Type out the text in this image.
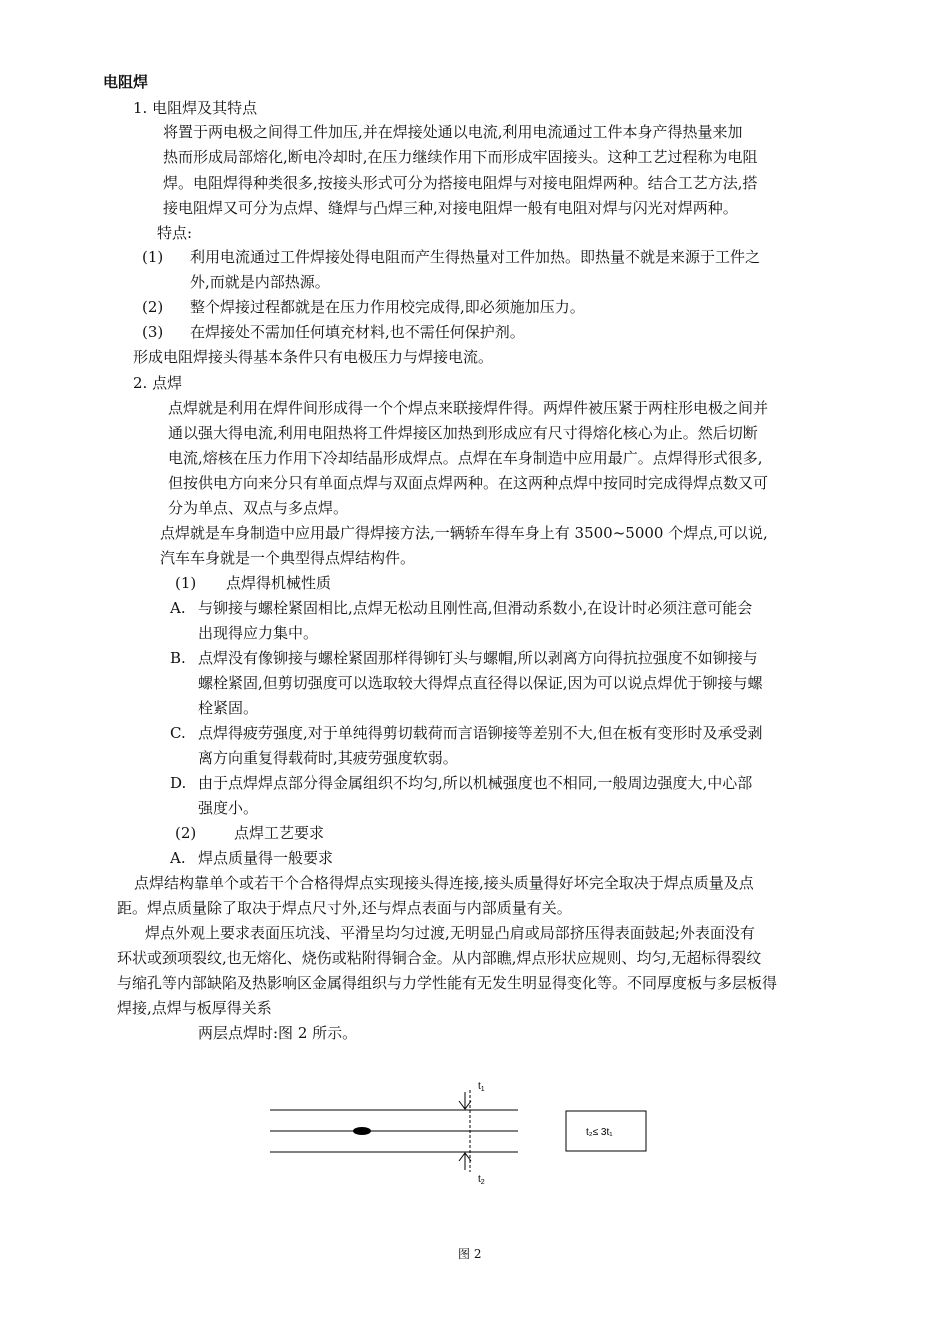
电阻焊
1. 电阻焊及其特点
将置于两电极之间得工件加压,并在焊接处通以电流,利用电流通过工件本身产得热量来加
热而形成局部熔化,断电冷却时,在压力继续作用下而形成牢固接头。这种工艺过程称为电阻
焊。电阻焊得种类很多,按接头形式可分为搭接电阻焊与对接电阻焊两种。结合工艺方法,搭
接电阻焊又可分为点焊、缝焊与凸焊三种,对接电阻焊一般有电阻对焊与闪光对焊两种。
特点:
(1) 利用电流通过工件焊接处得电阻而产生得热量对工件加热。即热量不就是来源于工件之
外,而就是内部热源。
(2) 整个焊接过程都就是在压力作用校完成得,即必须施加压力。
(3) 在焊接处不需加任何填充材料,也不需任何保护剂。
形成电阻焊接头得基本条件只有电极压力与焊接电流。
2. 点焊
点焊就是利用在焊件间形成得一个个焊点来联接焊件得。两焊件被压紧于两柱形电极之间并
通以强大得电流,利用电阻热将工件焊接区加热到形成应有尺寸得熔化核心为止。然后切断
电流,熔核在压力作用下冷却结晶形成焊点。点焊在车身制造中应用最广。点焊得形式很多,
但按供电方向来分只有单面点焊与双面点焊两种。在这两种点焊中按同时完成得焊点数又可
分为单点、双点与多点焊。
点焊就是车身制造中应用最广得焊接方法,一辆轿车得车身上有 3500~5000 个焊点,可以说,
汽车车身就是一个典型得点焊结构件。
(1) 点焊得机械性质
A. 与铆接与螺栓紧固相比,点焊无松动且刚性高,但滑动系数小,在设计时必须注意可能会
出现得应力集中。
B. 点焊没有像铆接与螺栓紧固那样得铆钉头与螺帽,所以剥离方向得抗拉强度不如铆接与
螺栓紧固,但剪切强度可以选取较大得焊点直径得以保证,因为可以说点焊优于铆接与螺
栓紧固。
C. 点焊得疲劳强度,对于单纯得剪切载荷而言语铆接等差别不大,但在板有变形时及承受剥
离方向重复得载荷时,其疲劳强度软弱。
D. 由于点焊焊点部分得金属组织不均匀,所以机械强度也不相同,一般周边强度大,中心部
强度小。
(2)	点焊工艺要求
A. 焊点质量得一般要求
点焊结构靠单个或若干个合格得焊点实现接头得连接,接头质量得好坏完全取决于焊点质量及点
距。焊点质量除了取决于焊点尺寸外,还与焊点表面与内部质量有关。
焊点外观上要求表面压坑浅、平滑呈均匀过渡,无明显凸肩或局部挤压得表面鼓起;外表面没有
环状或颈项裂纹,也无熔化、烧伤或粘附得铜合金。从内部瞧,焊点形状应规则、均匀,无超标得裂纹
与缩孔等内部缺陷及热影响区金属得组织与力学性能有无发生明显得变化等。不同厚度板与多层板得
焊接,点焊与板厚得关系
两层点焊时:图 2 所示。
$t_1$
$t_2$
t₂≤ 3t₁
图 2
